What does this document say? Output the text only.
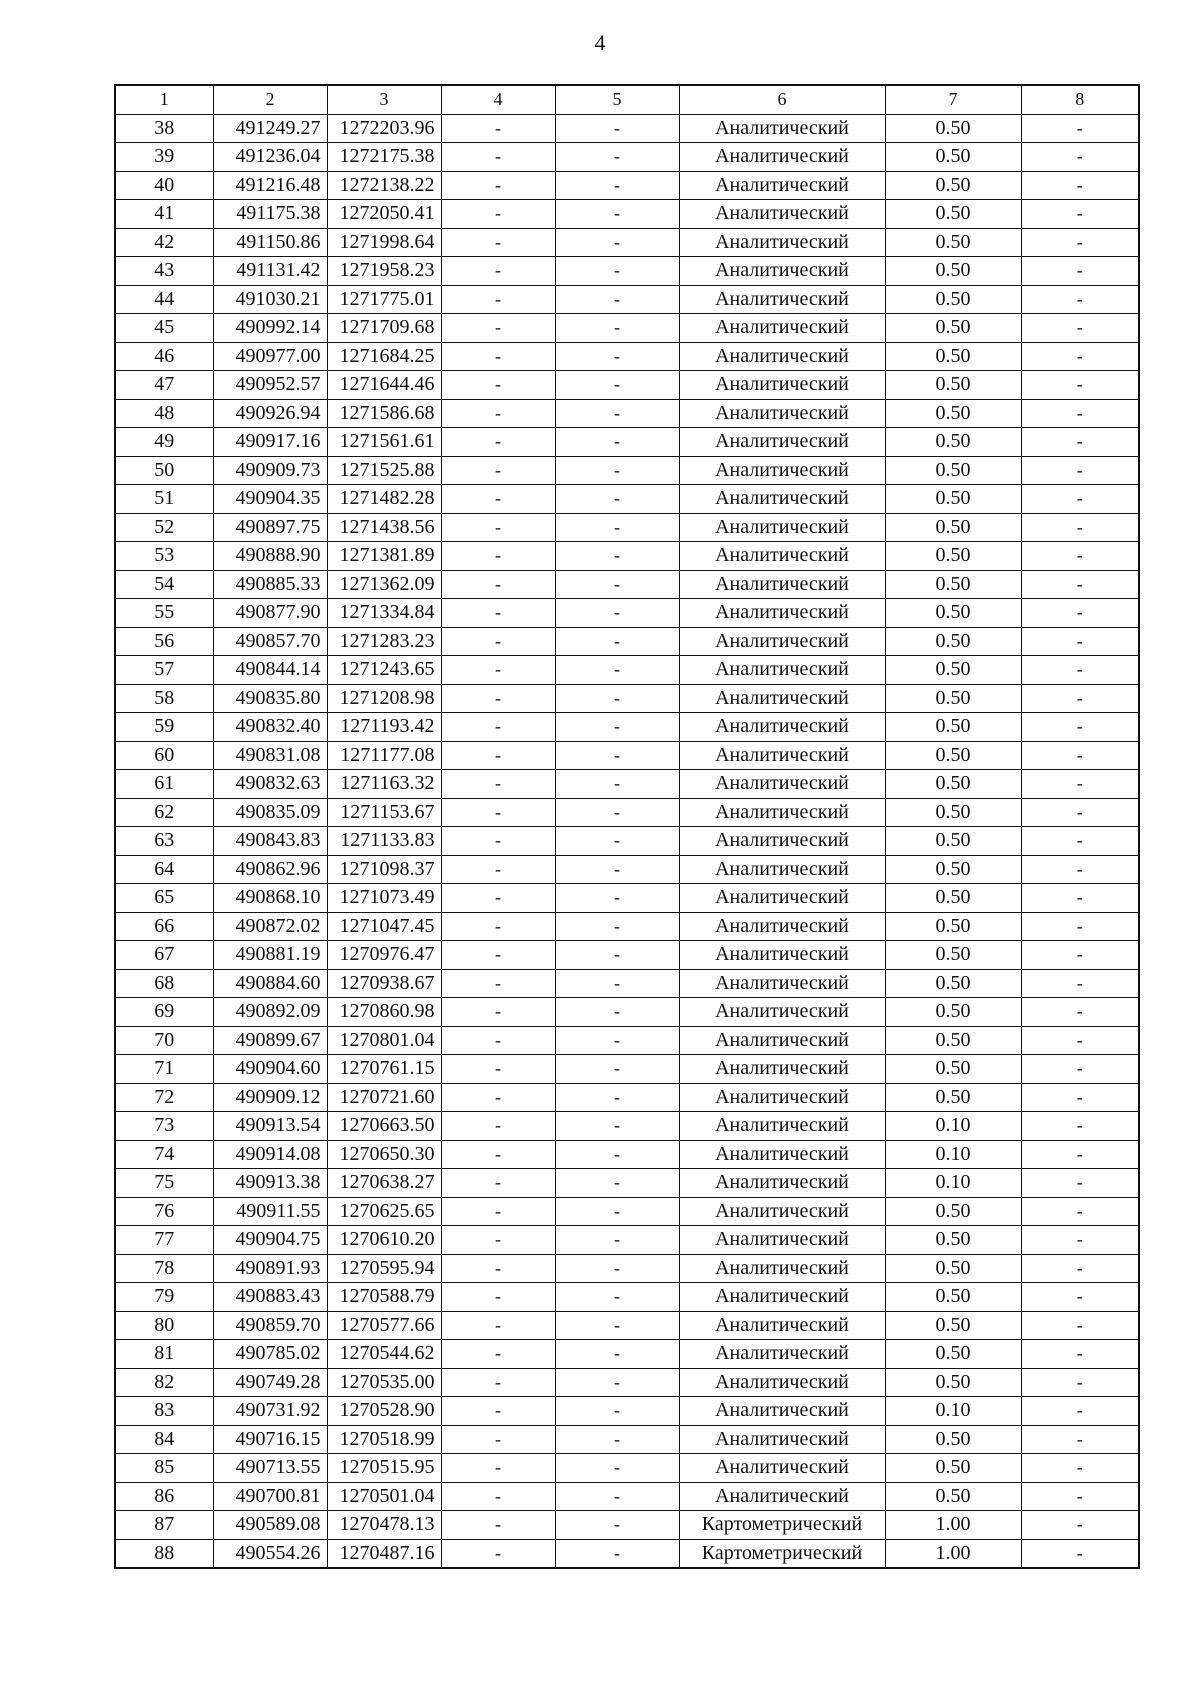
4
1	2	3	4	5	6	7	8
38	491249.27	1272203.96	-	-	Аналитический	0.50	-
39	491236.04	1272175.38	-	-	Аналитический	0.50	-
40	491216.48	1272138.22	-	-	Аналитический	0.50	-
41	491175.38	1272050.41	-	-	Аналитический	0.50	-
42	491150.86	1271998.64	-	-	Аналитический	0.50	-
43	491131.42	1271958.23	-	-	Аналитический	0.50	-
44	491030.21	1271775.01	-	-	Аналитический	0.50	-
45	490992.14	1271709.68	-	-	Аналитический	0.50	-
46	490977.00	1271684.25	-	-	Аналитический	0.50	-
47	490952.57	1271644.46	-	-	Аналитический	0.50	-
48	490926.94	1271586.68	-	-	Аналитический	0.50	-
49	490917.16	1271561.61	-	-	Аналитический	0.50	-
50	490909.73	1271525.88	-	-	Аналитический	0.50	-
51	490904.35	1271482.28	-	-	Аналитический	0.50	-
52	490897.75	1271438.56	-	-	Аналитический	0.50	-
53	490888.90	1271381.89	-	-	Аналитический	0.50	-
54	490885.33	1271362.09	-	-	Аналитический	0.50	-
55	490877.90	1271334.84	-	-	Аналитический	0.50	-
56	490857.70	1271283.23	-	-	Аналитический	0.50	-
57	490844.14	1271243.65	-	-	Аналитический	0.50	-
58	490835.80	1271208.98	-	-	Аналитический	0.50	-
59	490832.40	1271193.42	-	-	Аналитический	0.50	-
60	490831.08	1271177.08	-	-	Аналитический	0.50	-
61	490832.63	1271163.32	-	-	Аналитический	0.50	-
62	490835.09	1271153.67	-	-	Аналитический	0.50	-
63	490843.83	1271133.83	-	-	Аналитический	0.50	-
64	490862.96	1271098.37	-	-	Аналитический	0.50	-
65	490868.10	1271073.49	-	-	Аналитический	0.50	-
66	490872.02	1271047.45	-	-	Аналитический	0.50	-
67	490881.19	1270976.47	-	-	Аналитический	0.50	-
68	490884.60	1270938.67	-	-	Аналитический	0.50	-
69	490892.09	1270860.98	-	-	Аналитический	0.50	-
70	490899.67	1270801.04	-	-	Аналитический	0.50	-
71	490904.60	1270761.15	-	-	Аналитический	0.50	-
72	490909.12	1270721.60	-	-	Аналитический	0.50	-
73	490913.54	1270663.50	-	-	Аналитический	0.10	-
74	490914.08	1270650.30	-	-	Аналитический	0.10	-
75	490913.38	1270638.27	-	-	Аналитический	0.10	-
76	490911.55	1270625.65	-	-	Аналитический	0.50	-
77	490904.75	1270610.20	-	-	Аналитический	0.50	-
78	490891.93	1270595.94	-	-	Аналитический	0.50	-
79	490883.43	1270588.79	-	-	Аналитический	0.50	-
80	490859.70	1270577.66	-	-	Аналитический	0.50	-
81	490785.02	1270544.62	-	-	Аналитический	0.50	-
82	490749.28	1270535.00	-	-	Аналитический	0.50	-
83	490731.92	1270528.90	-	-	Аналитический	0.10	-
84	490716.15	1270518.99	-	-	Аналитический	0.50	-
85	490713.55	1270515.95	-	-	Аналитический	0.50	-
86	490700.81	1270501.04	-	-	Аналитический	0.50	-
87	490589.08	1270478.13	-	-	Картометрический	1.00	-
88	490554.26	1270487.16	-	-	Картометрический	1.00	-
